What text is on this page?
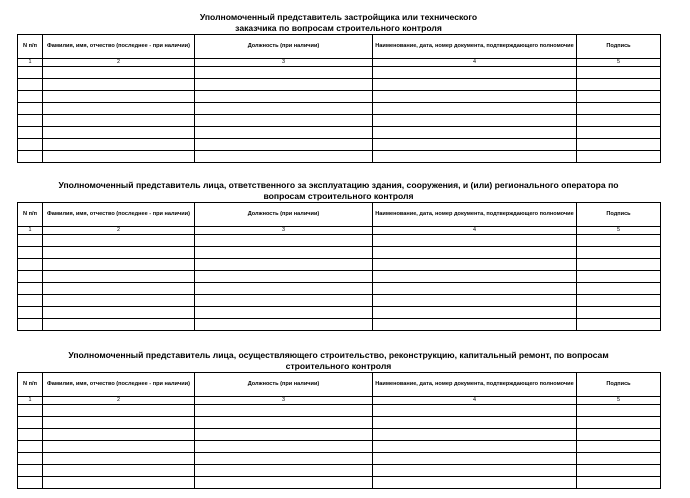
Уполномоченный представитель застройщика или технического
заказчика по вопросам строительного контроля
N п/п	Фамилия, имя, отчество (последнее - при наличии)	Должность (при наличии)	Наименование, дата, номер документа, подтверждающего полномочие	Подпись

1	2	3	4	5

Уполномоченный представитель лица, ответственного за эксплуатацию здания, сооружения, и (или) регионального оператора по
вопросам строительного контроля
N п/п	Фамилия, имя, отчество (последнее - при наличии)	Должность (при наличии)	Наименование, дата, номер документа, подтверждающего полномочие	Подпись

1	2	3	4	5

Уполномоченный представитель лица, осуществляющего строительство, реконструкцию, капитальный ремонт, по вопросам
строительного контроля
N п/п	Фамилия, имя, отчество (последнее - при наличии)	Должность (при наличии)	Наименование, дата, номер документа, подтверждающего полномочие	Подпись

1	2	3	4	5
